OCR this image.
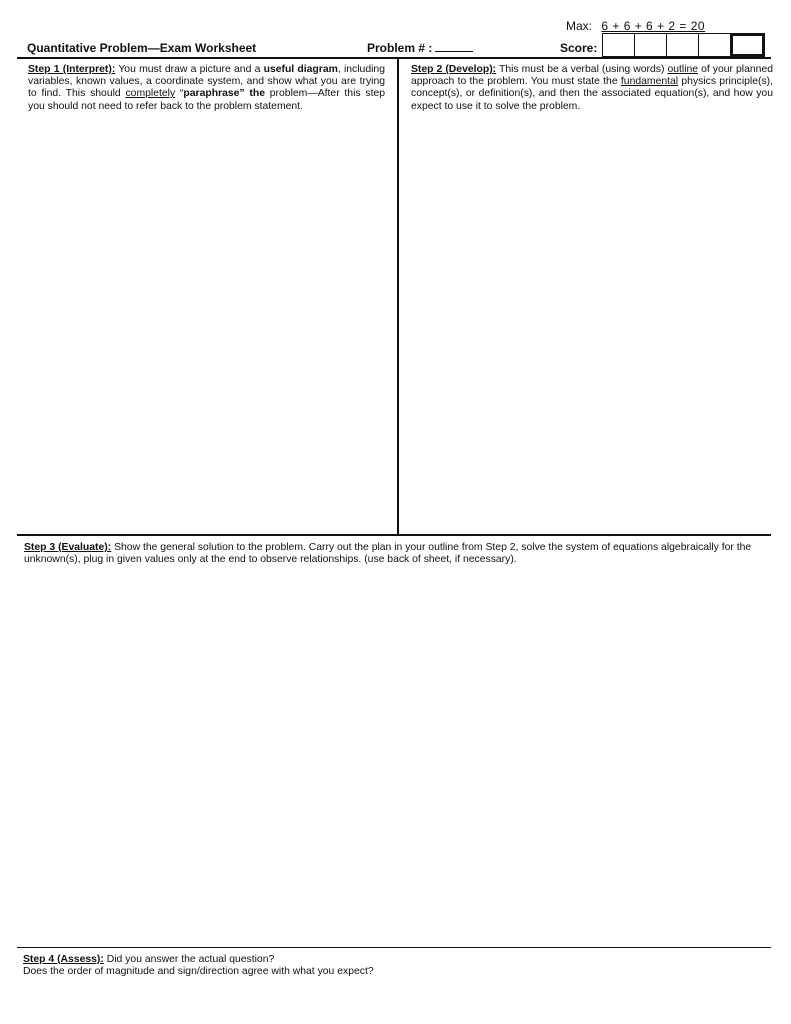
Max: 6 + 6 + 6 + 2 = 20
Quantitative Problem—Exam Worksheet	Problem # :	Score:
Step 1 (Interpret): You must draw a picture and a useful diagram, including variables, known values, a coordinate system, and show what you are trying to find. This should completely “paraphrase” the problem—After this step you should not need to refer back to the problem statement.
Step 2 (Develop): This must be a verbal (using words) outline of your planned approach to the problem. You must state the fundamental physics principle(s), concept(s), or definition(s), and then the associated equation(s), and how you expect to use it to solve the problem.
Step 3 (Evaluate): Show the general solution to the problem. Carry out the plan in your outline from Step 2, solve the system of equations algebraically for the unknown(s), plug in given values only at the end to observe relationships. (use back of sheet, if necessary).
Step 4 (Assess): Did you answer the actual question?
Does the order of magnitude and sign/direction agree with what you expect?
